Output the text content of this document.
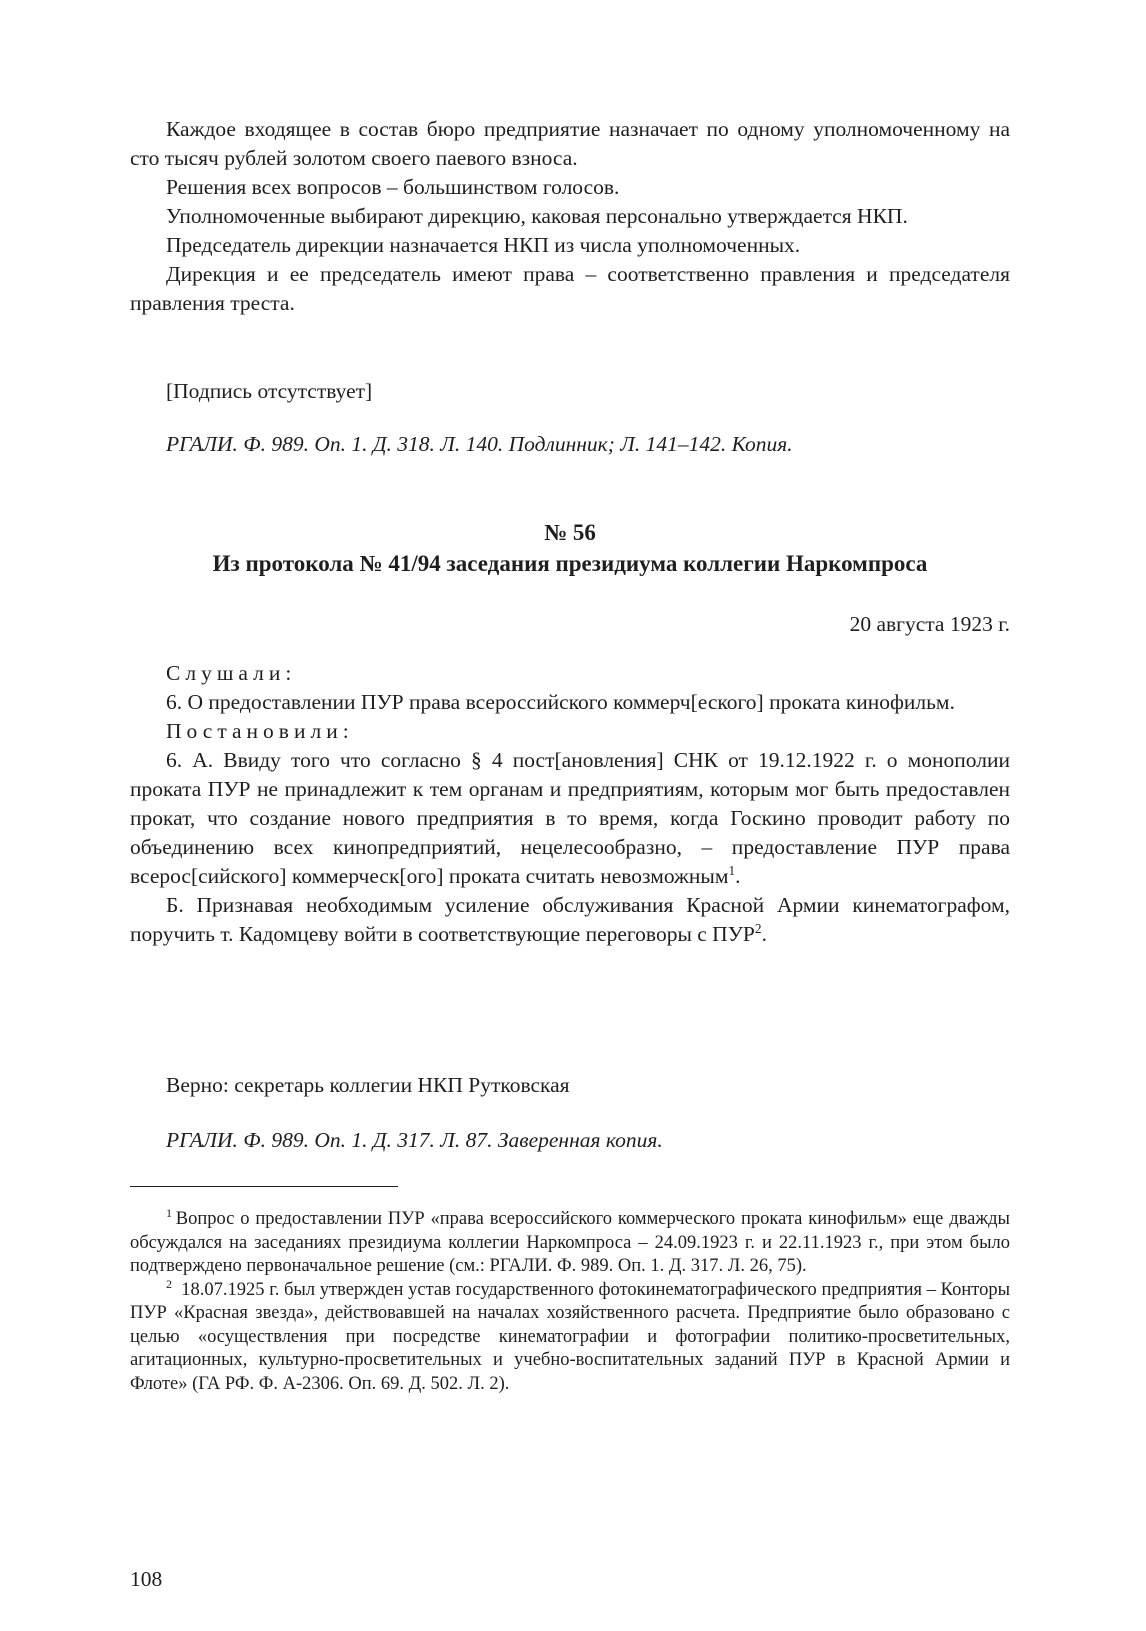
Каждое входящее в состав бюро предприятие назначает по одному уполномоченному на сто тысяч рублей золотом своего паевого взноса.

Решения всех вопросов – большинством голосов.

Уполномоченные выбирают дирекцию, каковая персонально утверждается НКП.

Председатель дирекции назначается НКП из числа уполномоченных.

Дирекция и ее председатель имеют права – соответственно правления и председателя правления треста.

[Подпись отсутствует]

РГАЛИ. Ф. 989. Оп. 1. Д. 318. Л. 140. Подлинник; Л. 141–142. Копия.

№ 56

Из протокола № 41/94 заседания президиума коллегии Наркомпроса

20 августа 1923 г.

Слушали:

6. О предоставлении ПУР права всероссийского коммерч[еского] проката кинофильм.

Постановили:

6. А. Ввиду того что согласно § 4 пост[ановления] СНК от 19.12.1922 г. о монополии проката ПУР не принадлежит к тем органам и предприятиям, которым мог быть предоставлен прокат, что создание нового предприятия в то время, когда Госкино проводит работу по объединению всех кинопредприятий, нецелесообразно, – предоставление ПУР права всерос[сийского] коммерческ[ого] проката считать невозможным$^1$.

Б. Признавая необходимым усиление обслуживания Красной Армии кинематографом, поручить т. Кадомцеву войти в соответствующие переговоры с ПУР$^2$.

Верно: секретарь коллегии НКП Рутковская

РГАЛИ. Ф. 989. Оп. 1. Д. 317. Л. 87. Заверенная копия.

$^1$  Вопрос о предоставлении ПУР «права всероссийского коммерческого проката кинофильм» еще дважды обсуждался на заседаниях президиума коллегии Наркомпроса – 24.09.1923 г. и 22.11.1923 г., при этом было подтверждено первоначальное решение (см.: РГАЛИ. Ф. 989. Оп. 1. Д. 317. Л. 26, 75).

$^2$  18.07.1925 г. был утвержден устав государственного фотокинематографического предприятия – Конторы ПУР «Красная звезда», действовавшей на началах хозяйственного расчета. Предприятие было образовано с целью «осуществления при посредстве кинематографии и фотографии политико-просветительных, агитационных, культурно-просветительных и учебно-воспитательных заданий ПУР в Красной Армии и Флоте» (ГА РФ. Ф. А-2306. Оп. 69. Д. 502. Л. 2).

108
